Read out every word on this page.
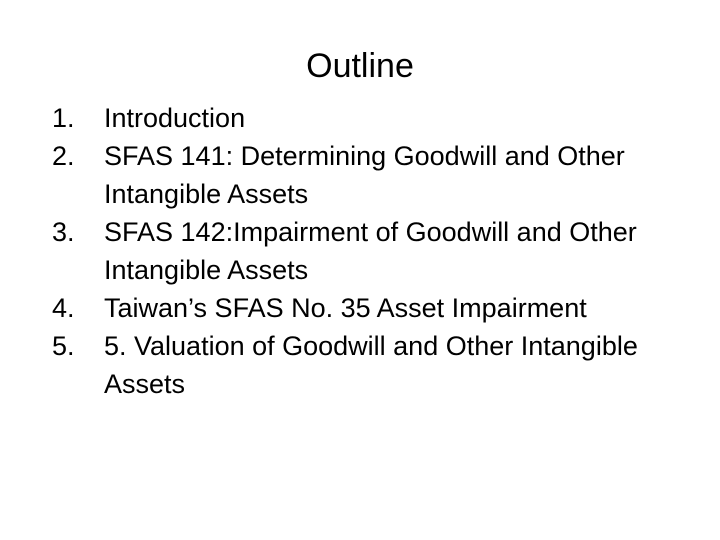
Outline
1.	Introduction
2.	SFAS 141: Determining Goodwill and Other Intangible Assets
3.	SFAS 142:Impairment of Goodwill and Other Intangible Assets
4.	Taiwan’s SFAS No. 35 Asset Impairment
5.	5. Valuation of Goodwill and Other Intangible Assets
